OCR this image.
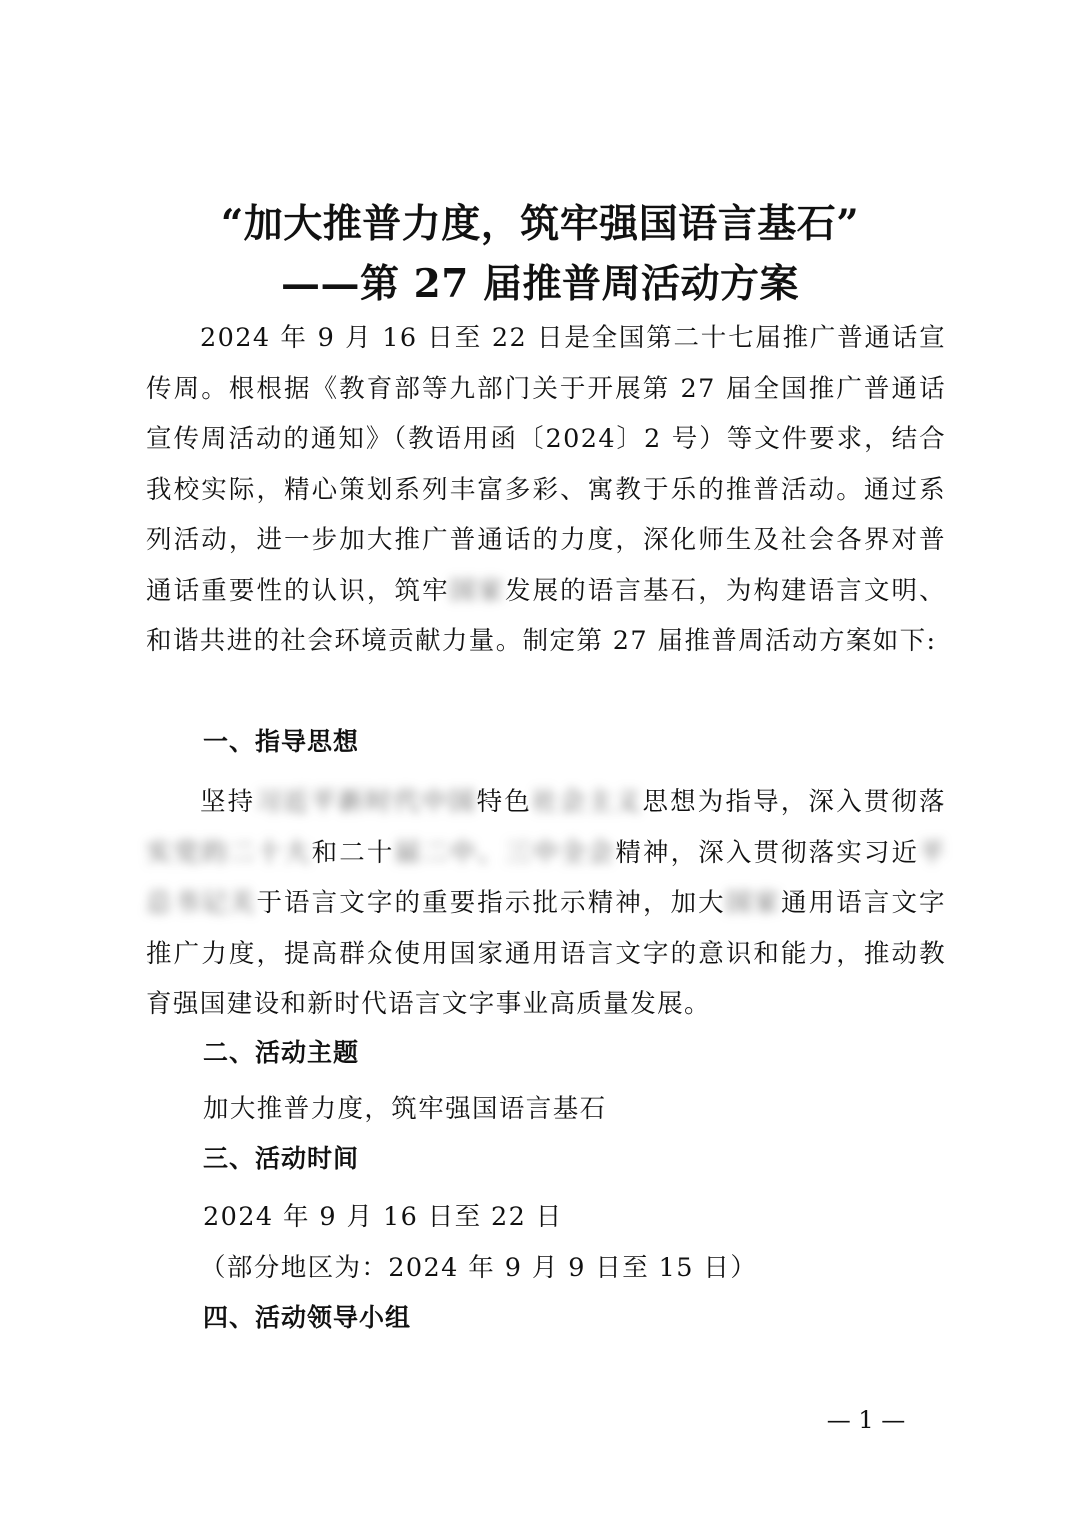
“加大推普力度，筑牢强国语言基石”
——第 27 届推普周活动方案

2024 年 9 月 16 日至 22 日是全国第二十七届推广普通话宣传周。根根据《教育部等九部门关于开展第 27 届全国推广普通话宣传周活动的通知》（教语用函〔2024〕2 号）等文件要求，结合我校实际，精心策划系列丰富多彩、寓教于乐的推普活动。通过系列活动，进一步加大推广普通话的力度，深化师生及社会各界对普通话重要性的认识，筑牢国家发展的语言基石，为构建语言文明、和谐共进的社会环境贡献力量。制定第 27 届推普周活动方案如下:

一、指导思想

坚持习近平新时代中国特色社会主义思想为指导，深入贯彻落实党的二十大和二十届二中、三中全会精神，深入贯彻落实习近平总书记关于语言文字的重要指示批示精神，加大国家通用语言文字推广力度，提高群众使用国家通用语言文字的意识和能力，推动教育强国建设和新时代语言文字事业高质量发展。

二、活动主题
加大推普力度，筑牢强国语言基石
三、活动时间
2024 年 9 月 16 日至 22 日
（部分地区为：2024 年 9 月 9 日至 15 日）
四、活动领导小组
— 1 —
